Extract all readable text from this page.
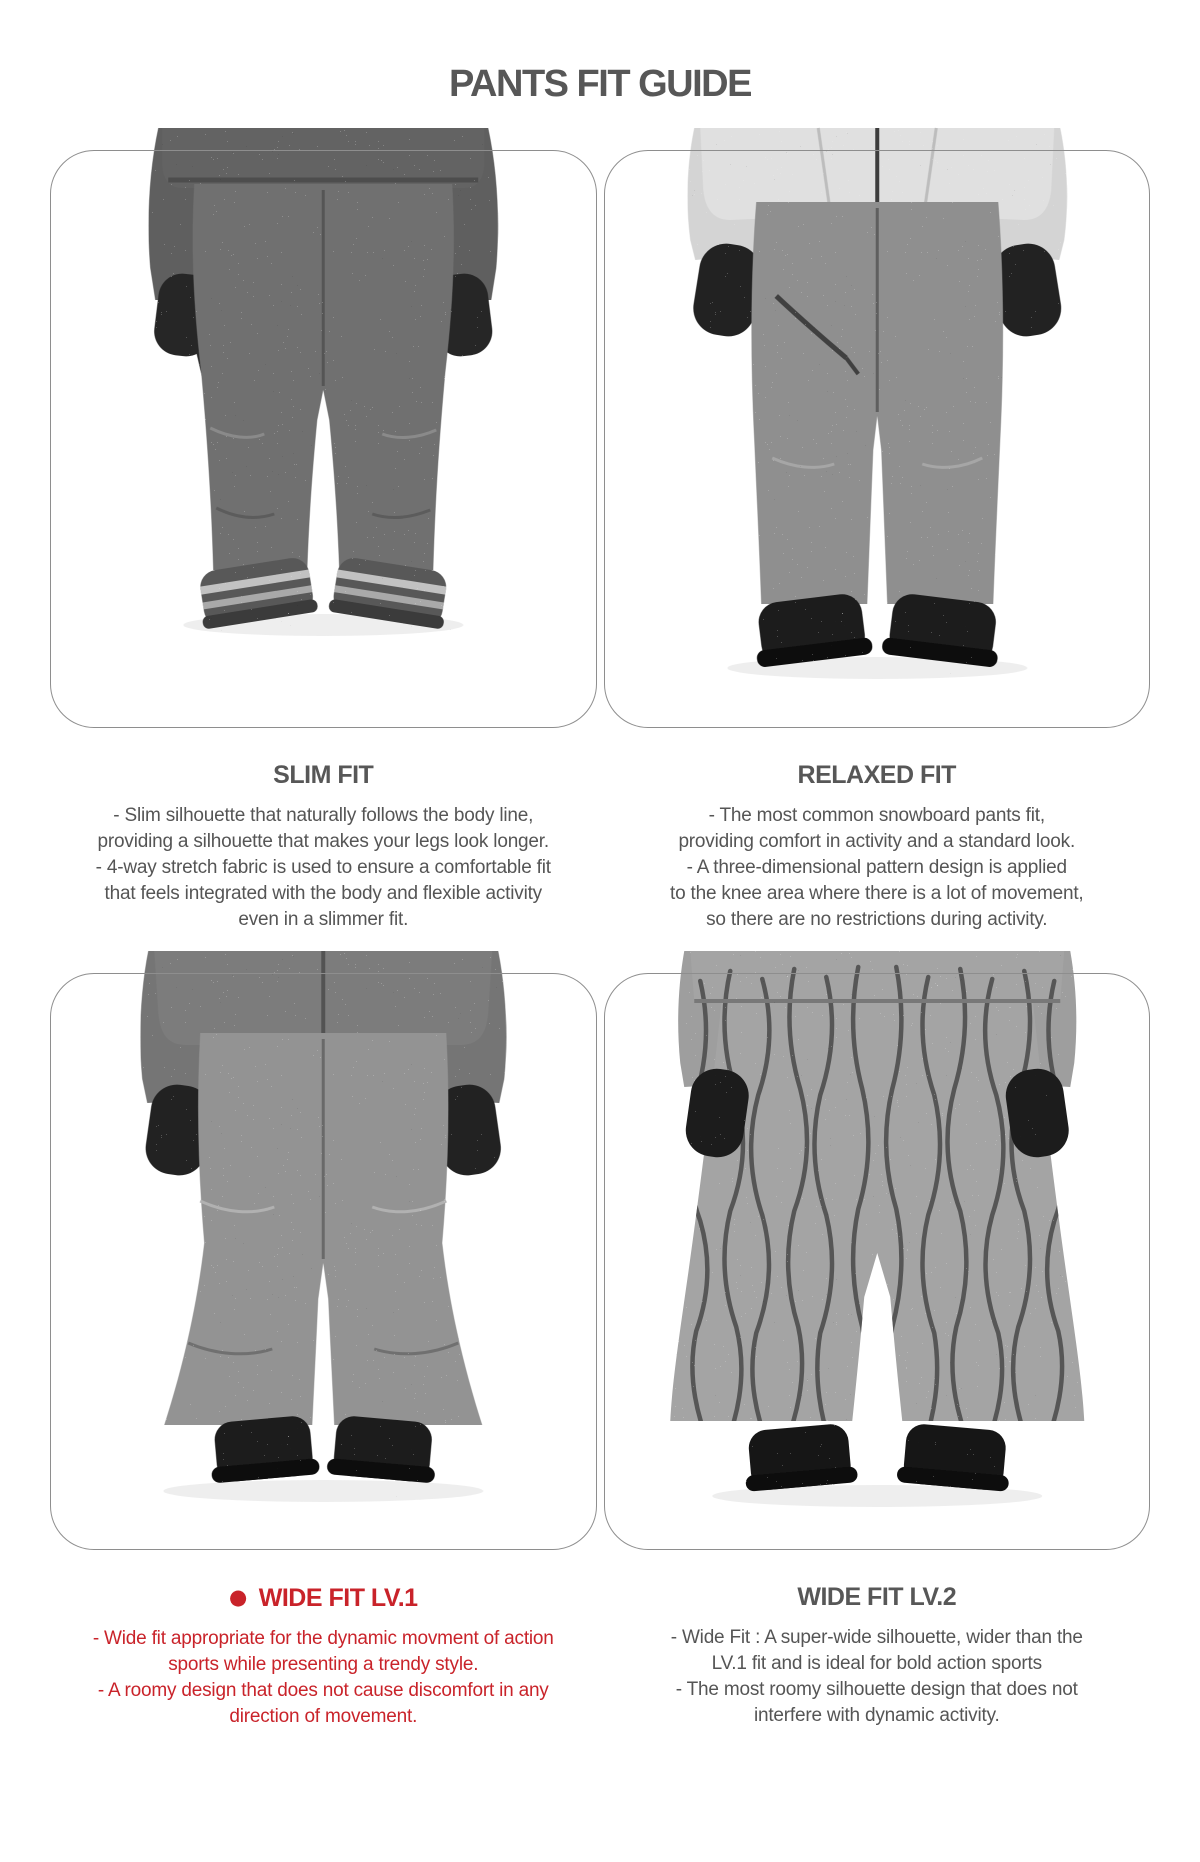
PANTS FIT GUIDE
SLIM FIT
- Slim silhouette that naturally follows the body line,
providing a silhouette that makes your legs look longer.
- 4-way stretch fabric is used to ensure a comfortable fit
that feels integrated with the body and flexible activity
even in a slimmer fit.
RELAXED FIT
- The most common snowboard pants fit,
providing comfort in activity and a standard look.
- A three-dimensional pattern design is applied
to the knee area where there is a lot of movement,
so there are no restrictions during activity.
● WIDE FIT LV.1
- Wide fit appropriate for the dynamic movment of action
sports while presenting a trendy style.
- A roomy design that does not cause discomfort in any
direction of movement.
WIDE FIT LV.2
- Wide Fit : A super-wide silhouette, wider than the
LV.1 fit and is ideal for bold action sports
- The most roomy silhouette design that does not
interfere with dynamic activity.
